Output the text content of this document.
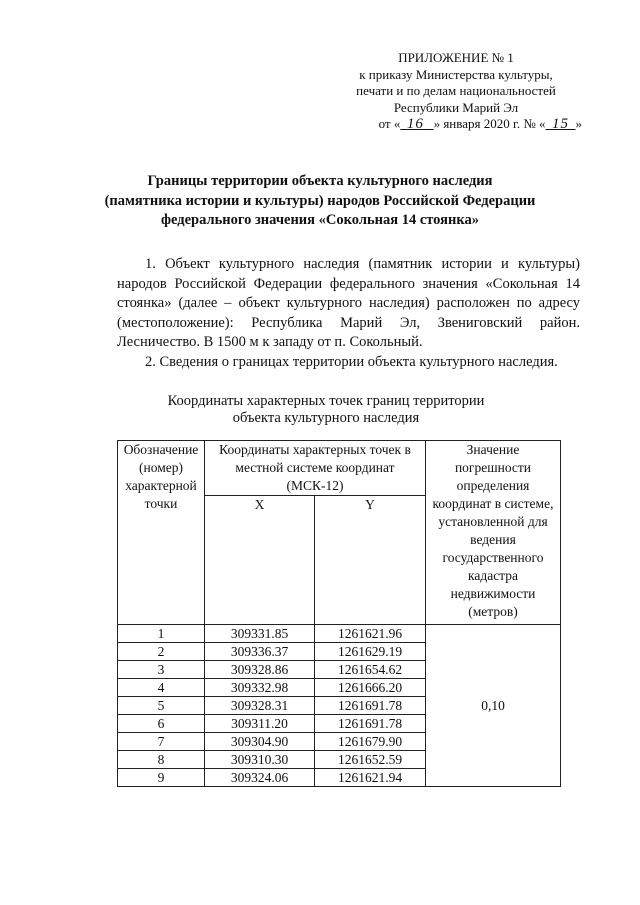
ПРИЛОЖЕНИЕ № 1
к приказу Министерства культуры,
печати и по делам национальностей
Республики Марий Эл
от « 16 » января 2020 г. № « 15 »
Границы территории объекта культурного наследия
(памятника истории и культуры) народов Российской Федерации
федерального значения «Сокольная 14 стоянка»

1. Объект культурного наследия (памятник истории и культуры) народов Российской Федерации федерального значения «Сокольная 14 стоянка» (далее – объект культурного наследия) расположен по адресу (местоположение): Республика Марий Эл, Звениговский район. Лесничество. В 1500 м к западу от п. Сокольный.

2. Сведения о границах территории объекта культурного наследия.

Координаты характерных точек границ территории
объекта культурного наследия
Обозначение (номер) характерной точки	Координаты характерных точек в местной системе координат (МСК-12)		Значение погрешности определения координат в системе, установленной для ведения государственного кадастра недвижимости (метров)
	X	Y	
1	309331.85	1261621.96	0,10
2	309336.37	1261629.19	
3	309328.86	1261654.62	
4	309332.98	1261666.20	
5	309328.31	1261691.78	
6	309311.20	1261691.78	
7	309304.90	1261679.90	
8	309310.30	1261652.59	
9	309324.06	1261621.94	
